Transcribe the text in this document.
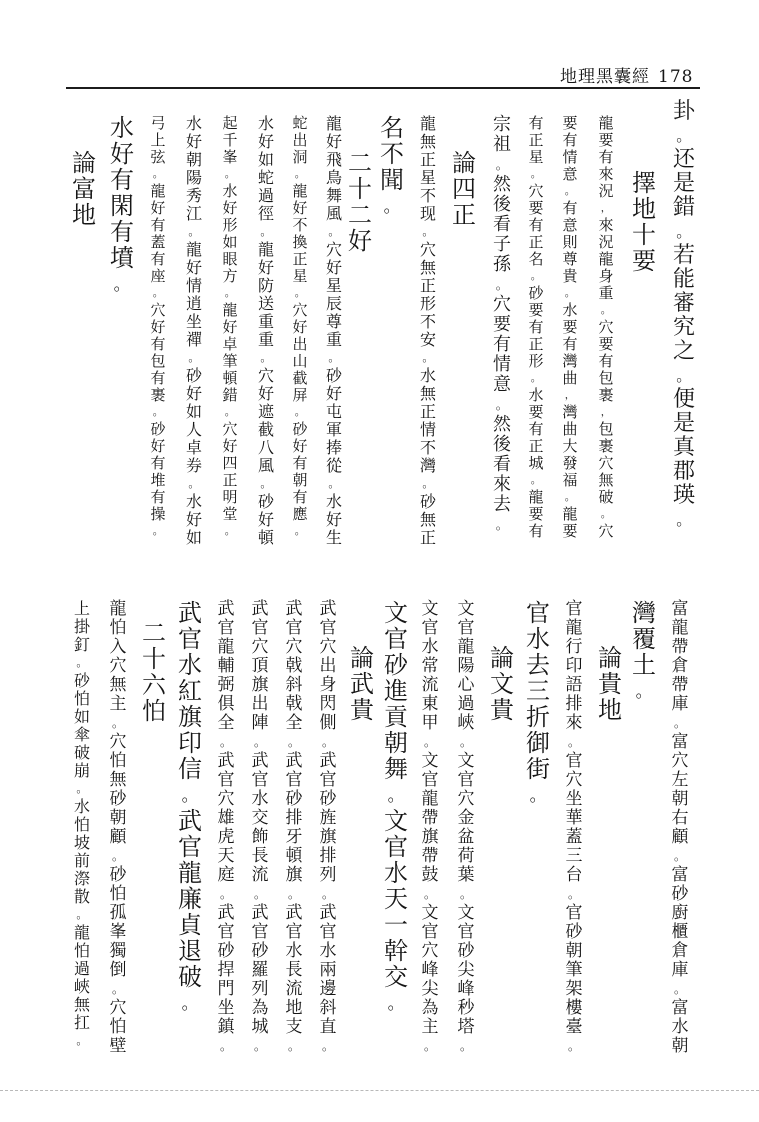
地理黑囊經 178
卦
。
还
是
錯
。
若
能
審
究
之
。
便
是
真
郡
瑛
。
擇
地
十
要
龍
要
有
來
況
，
來
況
龍
身
重
。
穴
要
有
包
裹
，
包
裹
穴
無
破
。
穴
要
有
情
意
。
有
意
則
尊
貴
。
水
要
有
灣
曲
，
灣
曲
大
發
福
。
龍
要
有
正
星
。
穴
要
有
正
名
。
砂
要
有
正
形
。
水
要
有
正
城
。
龍
要
有
宗
祖
。
然
後
看
子
孫
。
穴
要
有
情
意
。
然
後
看
來
去
。
論
四
正
龍
無
正
星
不
现
。
穴
無
正
形
不
安
。
水
無
正
情
不
灣
。
砂
無
正
名
不
聞
。
二
十
二
好
龍
好
飛
鳥
舞
風
。
穴
好
星
辰
尊
重
。
砂
好
屯
軍
捧
從
。
水
好
生
蛇
出
洞
。
龍
好
不
換
正
星
。
穴
好
出
山
截
屏
。
砂
好
有
朝
有
應
。
水
好
如
蛇
過
徑
。
龍
好
防
送
重
重
。
穴
好
遮
截
八
風
。
砂
好
頓
起
千
峯
。
水
好
形
如
眼
方
。
龍
好
卓
筆
頓
錯
。
穴
好
四
正
明
堂
。
水
好
朝
陽
秀
江
。
龍
好
情
逍
坐
禪
。
砂
好
如
人
卓
券
。
水
好
如
弓
上
弦
。
龍
好
有
蓋
有
座
。
穴
好
有
包
有
裹
。
砂
好
有
堆
有
操
。
水
好
有
閑
有
墳
。
論
富
地
富
龍
帶
倉
帶
庫
。
富
穴
左
朝
右
顧
。
富
砂
廚
櫃
倉
庫
。
富
水
朝
灣
覆
土
。
論
貴
地
官
龍
行
印
語
排
來
。
官
穴
坐
華
蓋
三
台
。
官
砂
朝
筆
架
樓
臺
。
官
水
去
三
折
御
街
。
論
文
貴
文
官
龍
陽
心
過
峽
。
文
官
穴
金
盆
荷
葉
。
文
官
砂
尖
峰
秒
塔
。
文
官
水
常
流
東
甲
。
文
官
龍
帶
旗
帶
鼓
。
文
官
穴
峰
尖
為
主
。
文
官
砂
進
貢
朝
舞
。
文
官
水
天
一
幹
交
。
論
武
貴
武
官
穴
出
身
閃
側
。
武
官
砂
旌
旗
排
列
。
武
官
水
兩
邊
斜
直
。
武
官
穴
戟
斜
戟
全
。
武
官
砂
排
牙
頓
旗
。
武
官
水
長
流
地
支
。
武
官
穴
頂
旗
出
陣
。
武
官
水
交
飾
長
流
。
武
官
砂
羅
列
為
城
。
武
官
龍
輔
弼
俱
全
。
武
官
穴
雄
虎
天
庭
。
武
官
砂
捍
門
坐
鎮
。
武
官
水
紅
旗
印
信
。
武
官
龍
廉
貞
退
破
。
二
十
六
怕
龍
怕
入
穴
無
主
。
穴
怕
無
砂
朝
顧
。
砂
怕
孤
峯
獨
倒
。
穴
怕
壁
上
掛
釘
。
砂
怕
如
傘
破
崩
。
水
怕
坡
前
漈
散
。
龍
怕
過
峽
無
扛
。
